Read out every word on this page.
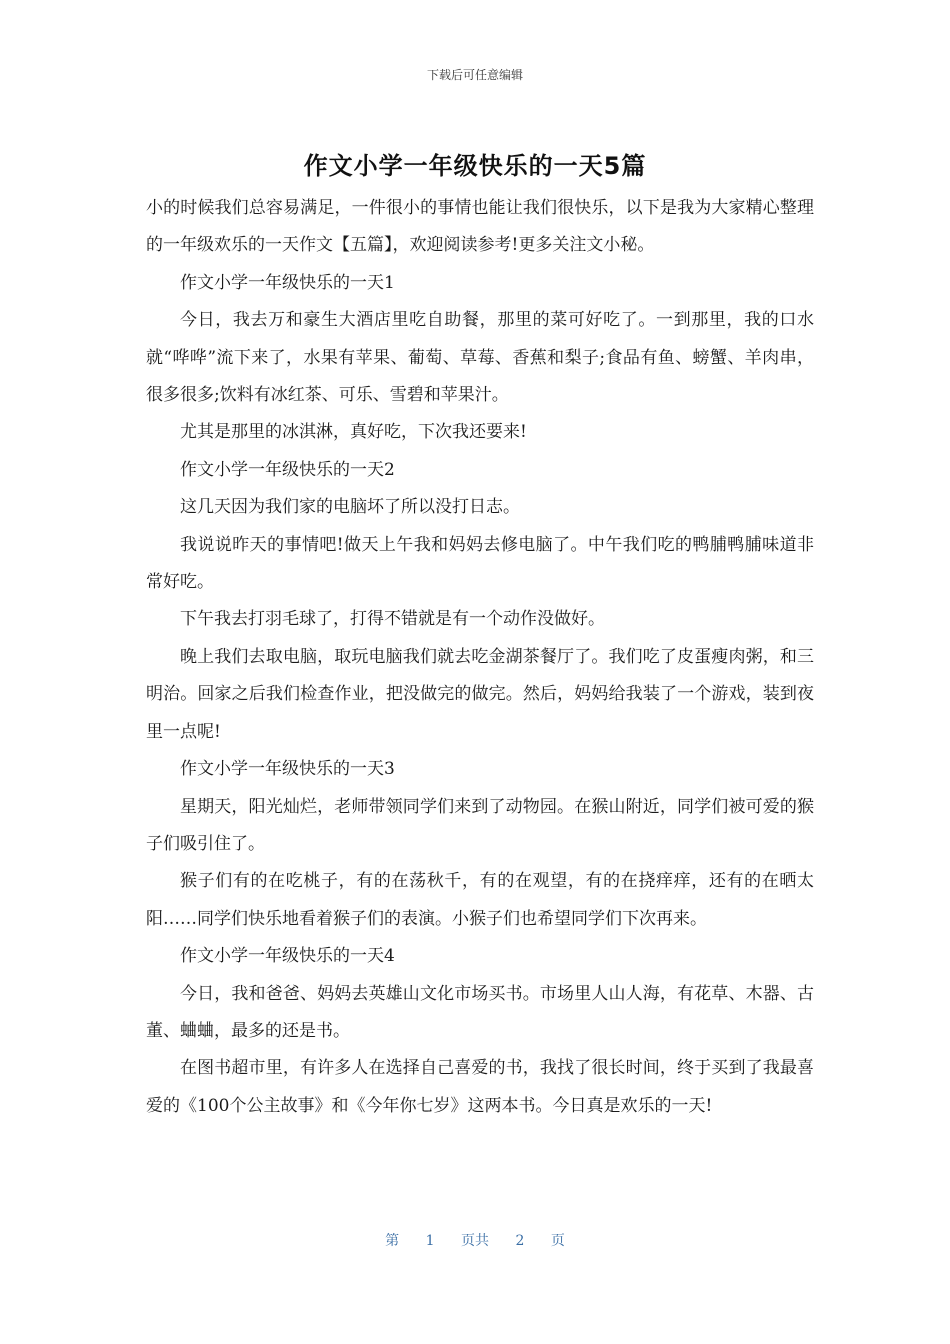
下载后可任意编辑
作文小学一年级快乐的一天5篇

小的时候我们总容易满足，一件很小的事情也能让我们很快乐，以下是我为大家精心整理的一年级欢乐的一天作文【五篇】，欢迎阅读参考!更多关注文小秘。

作文小学一年级快乐的一天1

今日，我去万和豪生大酒店里吃自助餐，那里的菜可好吃了。一到那里，我的口水就“哗哗”流下来了，水果有苹果、葡萄、草莓、香蕉和梨子;食品有鱼、螃蟹、羊肉串，很多很多;饮料有冰红茶、可乐、雪碧和苹果汁。

尤其是那里的冰淇淋，真好吃，下次我还要来!

作文小学一年级快乐的一天2

这几天因为我们家的电脑坏了所以没打日志。

我说说昨天的事情吧!做天上午我和妈妈去修电脑了。中午我们吃的鸭脯鸭脯味道非常好吃。

下午我去打羽毛球了，打得不错就是有一个动作没做好。

晚上我们去取电脑，取玩电脑我们就去吃金湖茶餐厅了。我们吃了皮蛋瘦肉粥，和三明治。回家之后我们检查作业，把没做完的做完。然后，妈妈给我装了一个游戏，装到夜里一点呢!

作文小学一年级快乐的一天3

星期天，阳光灿烂，老师带领同学们来到了动物园。在猴山附近，同学们被可爱的猴子们吸引住了。

猴子们有的在吃桃子，有的在荡秋千，有的在观望，有的在挠痒痒，还有的在晒太阳……同学们快乐地看着猴子们的表演。小猴子们也希望同学们下次再来。

作文小学一年级快乐的一天4

今日，我和爸爸、妈妈去英雄山文化市场买书。市场里人山人海，有花草、木器、古董、蛐蛐，最多的还是书。

在图书超市里，有许多人在选择自己喜爱的书，我找了很长时间，终于买到了我最喜爱的《100个公主故事》和《今年你七岁》这两本书。今日真是欢乐的一天!

第 1 页共 2 页
